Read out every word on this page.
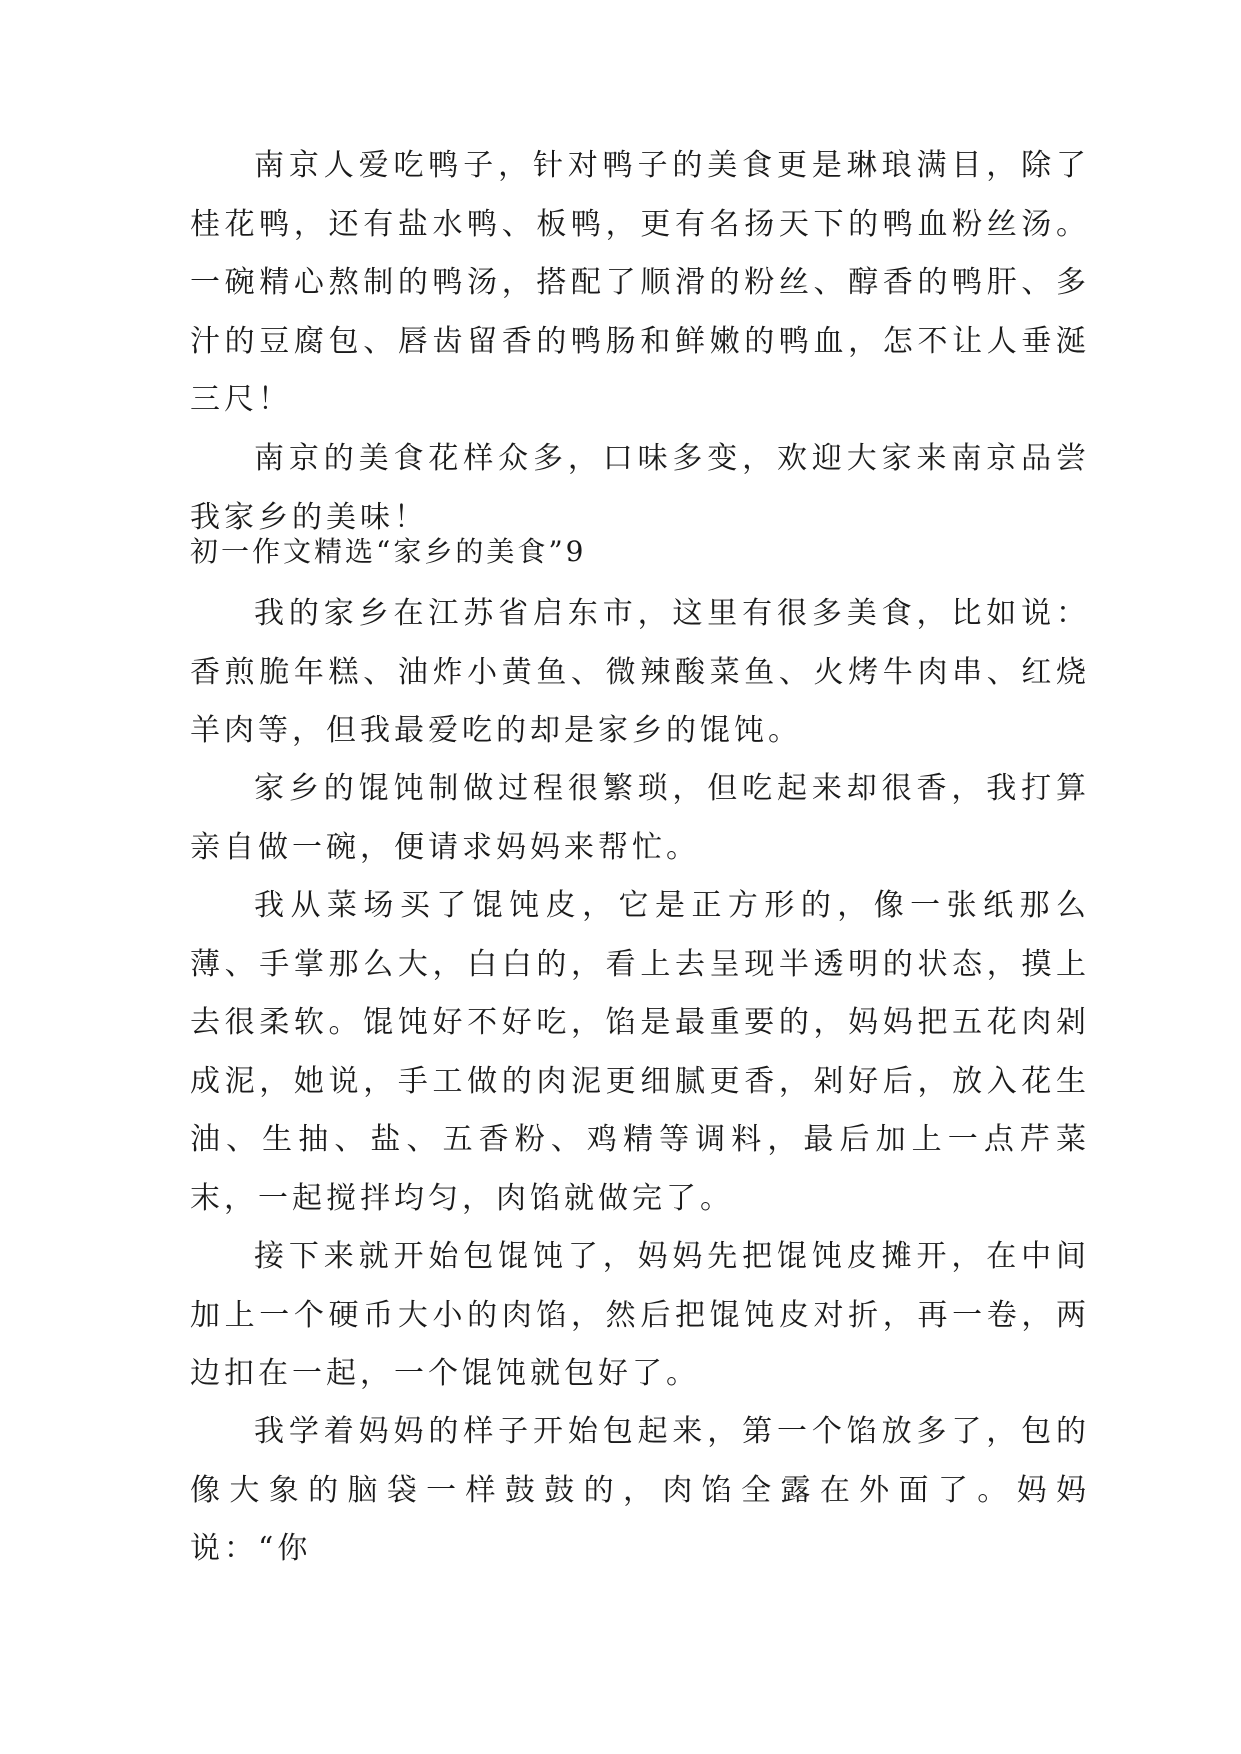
南京人爱吃鸭子，针对鸭子的美食更是琳琅满目，除了桂花鸭，还有盐水鸭、板鸭，更有名扬天下的鸭血粉丝汤。一碗精心熬制的鸭汤，搭配了顺滑的粉丝、醇香的鸭肝、多汁的豆腐包、唇齿留香的鸭肠和鲜嫩的鸭血，怎不让人垂涎三尺！

南京的美食花样众多，口味多变，欢迎大家来南京品尝我家乡的美味！

初一作文精选“家乡的美食”9

我的家乡在江苏省启东市，这里有很多美食，比如说：香煎脆年糕、油炸小黄鱼、微辣酸菜鱼、火烤牛肉串、红烧羊肉等，但我最爱吃的却是家乡的馄饨。

家乡的馄饨制做过程很繁琐，但吃起来却很香，我打算亲自做一碗，便请求妈妈来帮忙。

我从菜场买了馄饨皮，它是正方形的，像一张纸那么薄、手掌那么大，白白的，看上去呈现半透明的状态，摸上去很柔软。馄饨好不好吃，馅是最重要的，妈妈把五花肉剁成泥，她说，手工做的肉泥更细腻更香，剁好后，放入花生油、生抽、盐、五香粉、鸡精等调料，最后加上一点芹菜末，一起搅拌均匀，肉馅就做完了。

接下来就开始包馄饨了，妈妈先把馄饨皮摊开，在中间加上一个硬币大小的肉馅，然后把馄饨皮对折，再一卷，两边扣在一起，一个馄饨就包好了。

我学着妈妈的样子开始包起来，第一个馅放多了，包的像大象的脑袋一样鼓鼓的，肉馅全露在外面了。妈妈说：“你
